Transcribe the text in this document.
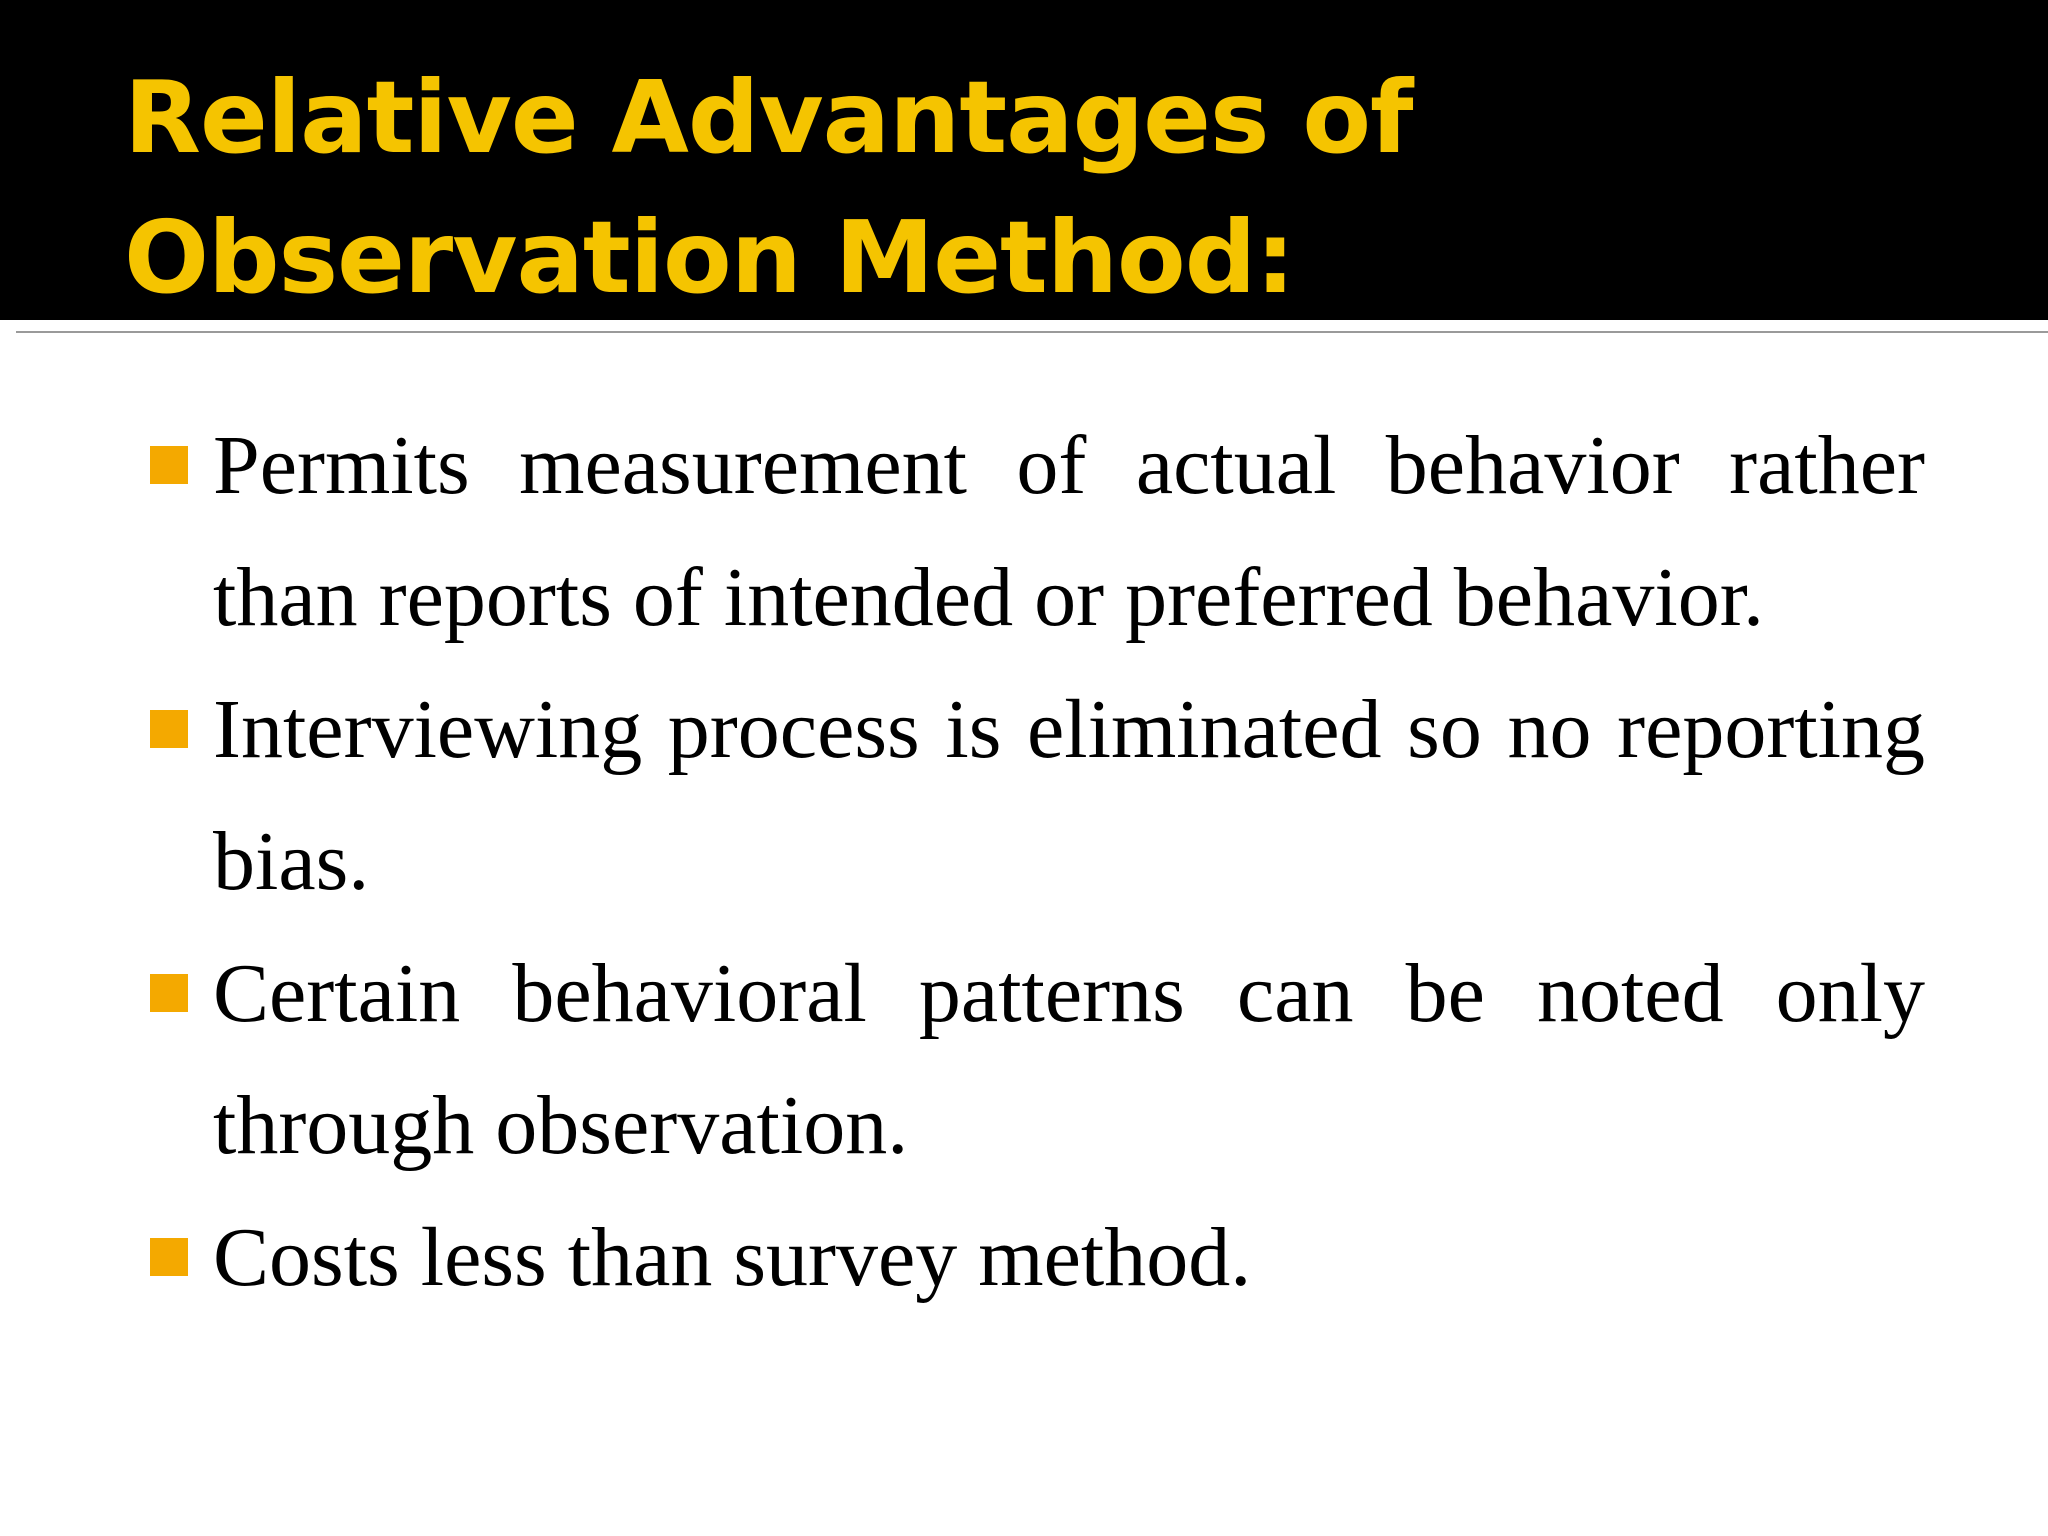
Relative Advantages of Observation Method:
Permits measurement of actual behavior rather than reports of intended or preferred behavior.
Interviewing process is eliminated so no reporting bias.
Certain behavioral patterns can be noted only through observation.
Costs less than survey method.
